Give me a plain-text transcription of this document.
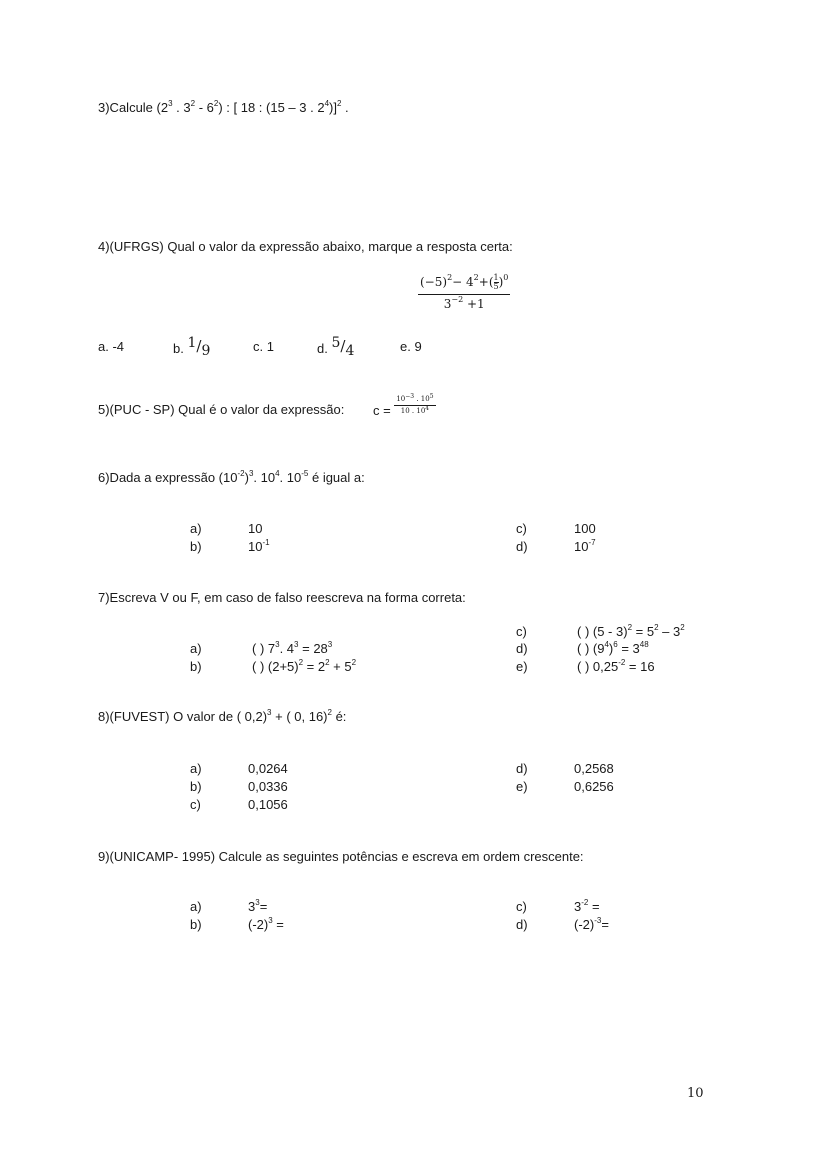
3)Calcule ($2^3$ . $3^2 - 6^2$) : [ 18 : (15 – 3 . $2^4)]^2$ .
4)(UFRGS) Qual o valor da expressão abaixo, marque a resposta certa:
$\frac{(-5)^2- 4^2+( \frac{1}{5} )^0}{3^{-2} +1}$
a. -4	b. 1/9	c. 1	d. 5/4	e. 9
5)(PUC - SP) Qual é o valor da expressão: $c = \frac{10^{-3} . 10^5}{10 . 10^4}$
6)Dada a expressão $(10^{-2})^3$. $10^4$. $10^{-5}$ é igual a:
a)	10
b)	$10^{-1}$
c)	100
d)	$10^{-7}$
7)Escreva V ou F, em caso de falso reescreva na forma correta:
a)	( ) $7^3$. $4^3 = 28^3$
b)	( ) $(2+5)^2 = 2^2 + 5^2$
c)	( ) $(5 - 3)^2 = 5^2 - 3^2$
d)	( ) $(9^4)^6 = 3^{48}$
e)	( ) $0,25^{-2} = 16$
8)(FUVEST) O valor de ( 0,2)$^3$ + ( 0, 16)$^2$ é:
a)	0,0264
b)	0,0336
c)	0,1056
d)	0,2568
e)	0,6256
9)(UNICAMP- 1995) Calcule as seguintes potências e escreva em ordem crescente:
a)	$3^3=$
b)	$(-2)^3$ =
c)	$3^{-2}$ =
d)	$(-2)^{-3}=$
10
